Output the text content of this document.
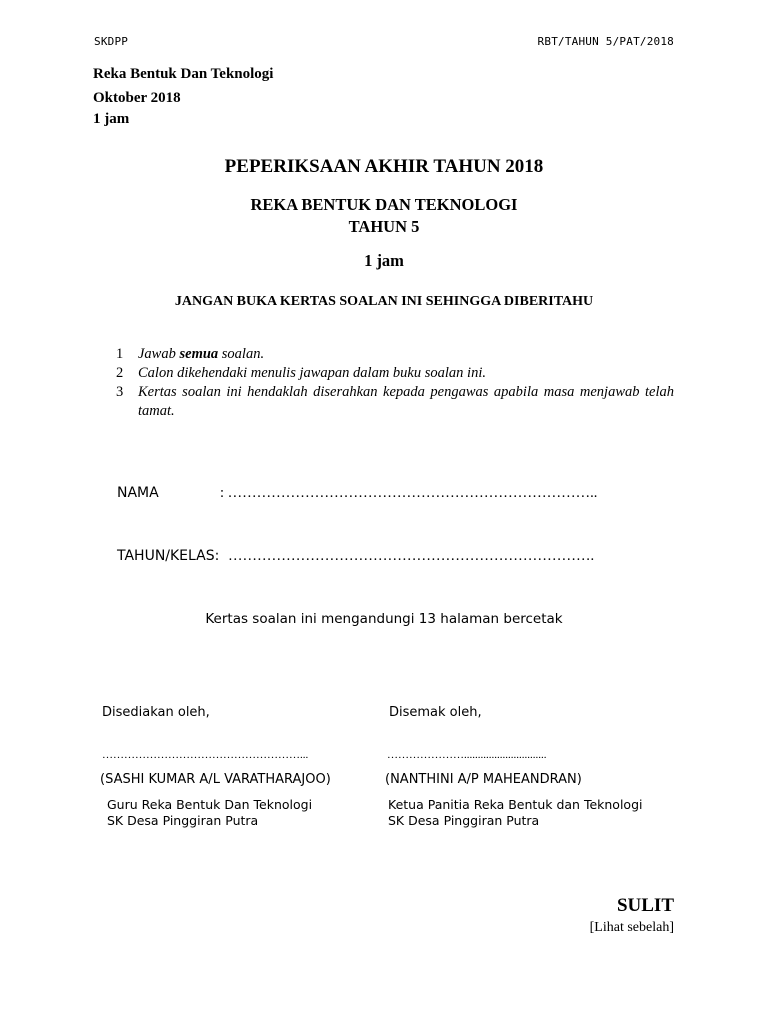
SKDPP	RBT/TAHUN 5/PAT/2018
Reka Bentuk Dan Teknologi
Oktober 2018
1 jam
PEPERIKSAAN AKHIR TAHUN 2018
REKA BENTUK DAN TEKNOLOGI
TAHUN 5
1 jam
JANGAN BUKA KERTAS SOALAN INI SEHINGGA DIBERITAHU
1 Jawab semua soalan.
2 Calon dikehendaki menulis jawapan dalam buku soalan ini.
3 Kertas soalan ini hendaklah diserahkan kepada pengawas apabila masa menjawab telah tamat.
NAMA	: …………………………………………………………………..
TAHUN/KELAS: ………………………………………………………………….
Kertas soalan ini mengandungi 13 halaman bercetak
Disediakan oleh,
………………………………………………...
(SASHI KUMAR A/L VARATHARAJOO)
Guru Reka Bentuk Dan Teknologi
SK Desa Pinggiran Putra
Disemak oleh,
…………………..............................
(NANTHINI A/P MAHEANDRAN)
Ketua Panitia Reka Bentuk dan Teknologi
SK Desa Pinggiran Putra
SULIT
[Lihat sebelah]
